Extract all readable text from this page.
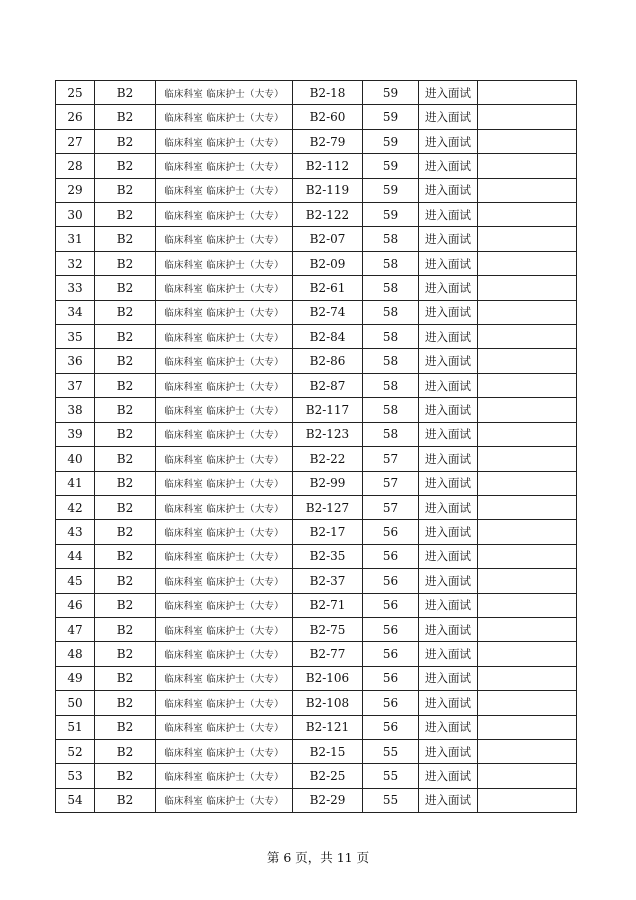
25	B2	临床科室 临床护士（大专）	B2-18	59	进入面试	
26	B2	临床科室 临床护士（大专）	B2-60	59	进入面试	
27	B2	临床科室 临床护士（大专）	B2-79	59	进入面试	
28	B2	临床科室 临床护士（大专）	B2-112	59	进入面试	
29	B2	临床科室 临床护士（大专）	B2-119	59	进入面试	
30	B2	临床科室 临床护士（大专）	B2-122	59	进入面试	
31	B2	临床科室 临床护士（大专）	B2-07	58	进入面试	
32	B2	临床科室 临床护士（大专）	B2-09	58	进入面试	
33	B2	临床科室 临床护士（大专）	B2-61	58	进入面试	
34	B2	临床科室 临床护士（大专）	B2-74	58	进入面试	
35	B2	临床科室 临床护士（大专）	B2-84	58	进入面试	
36	B2	临床科室 临床护士（大专）	B2-86	58	进入面试	
37	B2	临床科室 临床护士（大专）	B2-87	58	进入面试	
38	B2	临床科室 临床护士（大专）	B2-117	58	进入面试	
39	B2	临床科室 临床护士（大专）	B2-123	58	进入面试	
40	B2	临床科室 临床护士（大专）	B2-22	57	进入面试	
41	B2	临床科室 临床护士（大专）	B2-99	57	进入面试	
42	B2	临床科室 临床护士（大专）	B2-127	57	进入面试	
43	B2	临床科室 临床护士（大专）	B2-17	56	进入面试	
44	B2	临床科室 临床护士（大专）	B2-35	56	进入面试	
45	B2	临床科室 临床护士（大专）	B2-37	56	进入面试	
46	B2	临床科室 临床护士（大专）	B2-71	56	进入面试	
47	B2	临床科室 临床护士（大专）	B2-75	56	进入面试	
48	B2	临床科室 临床护士（大专）	B2-77	56	进入面试	
49	B2	临床科室 临床护士（大专）	B2-106	56	进入面试	
50	B2	临床科室 临床护士（大专）	B2-108	56	进入面试	
51	B2	临床科室 临床护士（大专）	B2-121	56	进入面试	
52	B2	临床科室 临床护士（大专）	B2-15	55	进入面试	
53	B2	临床科室 临床护士（大专）	B2-25	55	进入面试	
54	B2	临床科室 临床护士（大专）	B2-29	55	进入面试	
第 6 页，共 11 页
